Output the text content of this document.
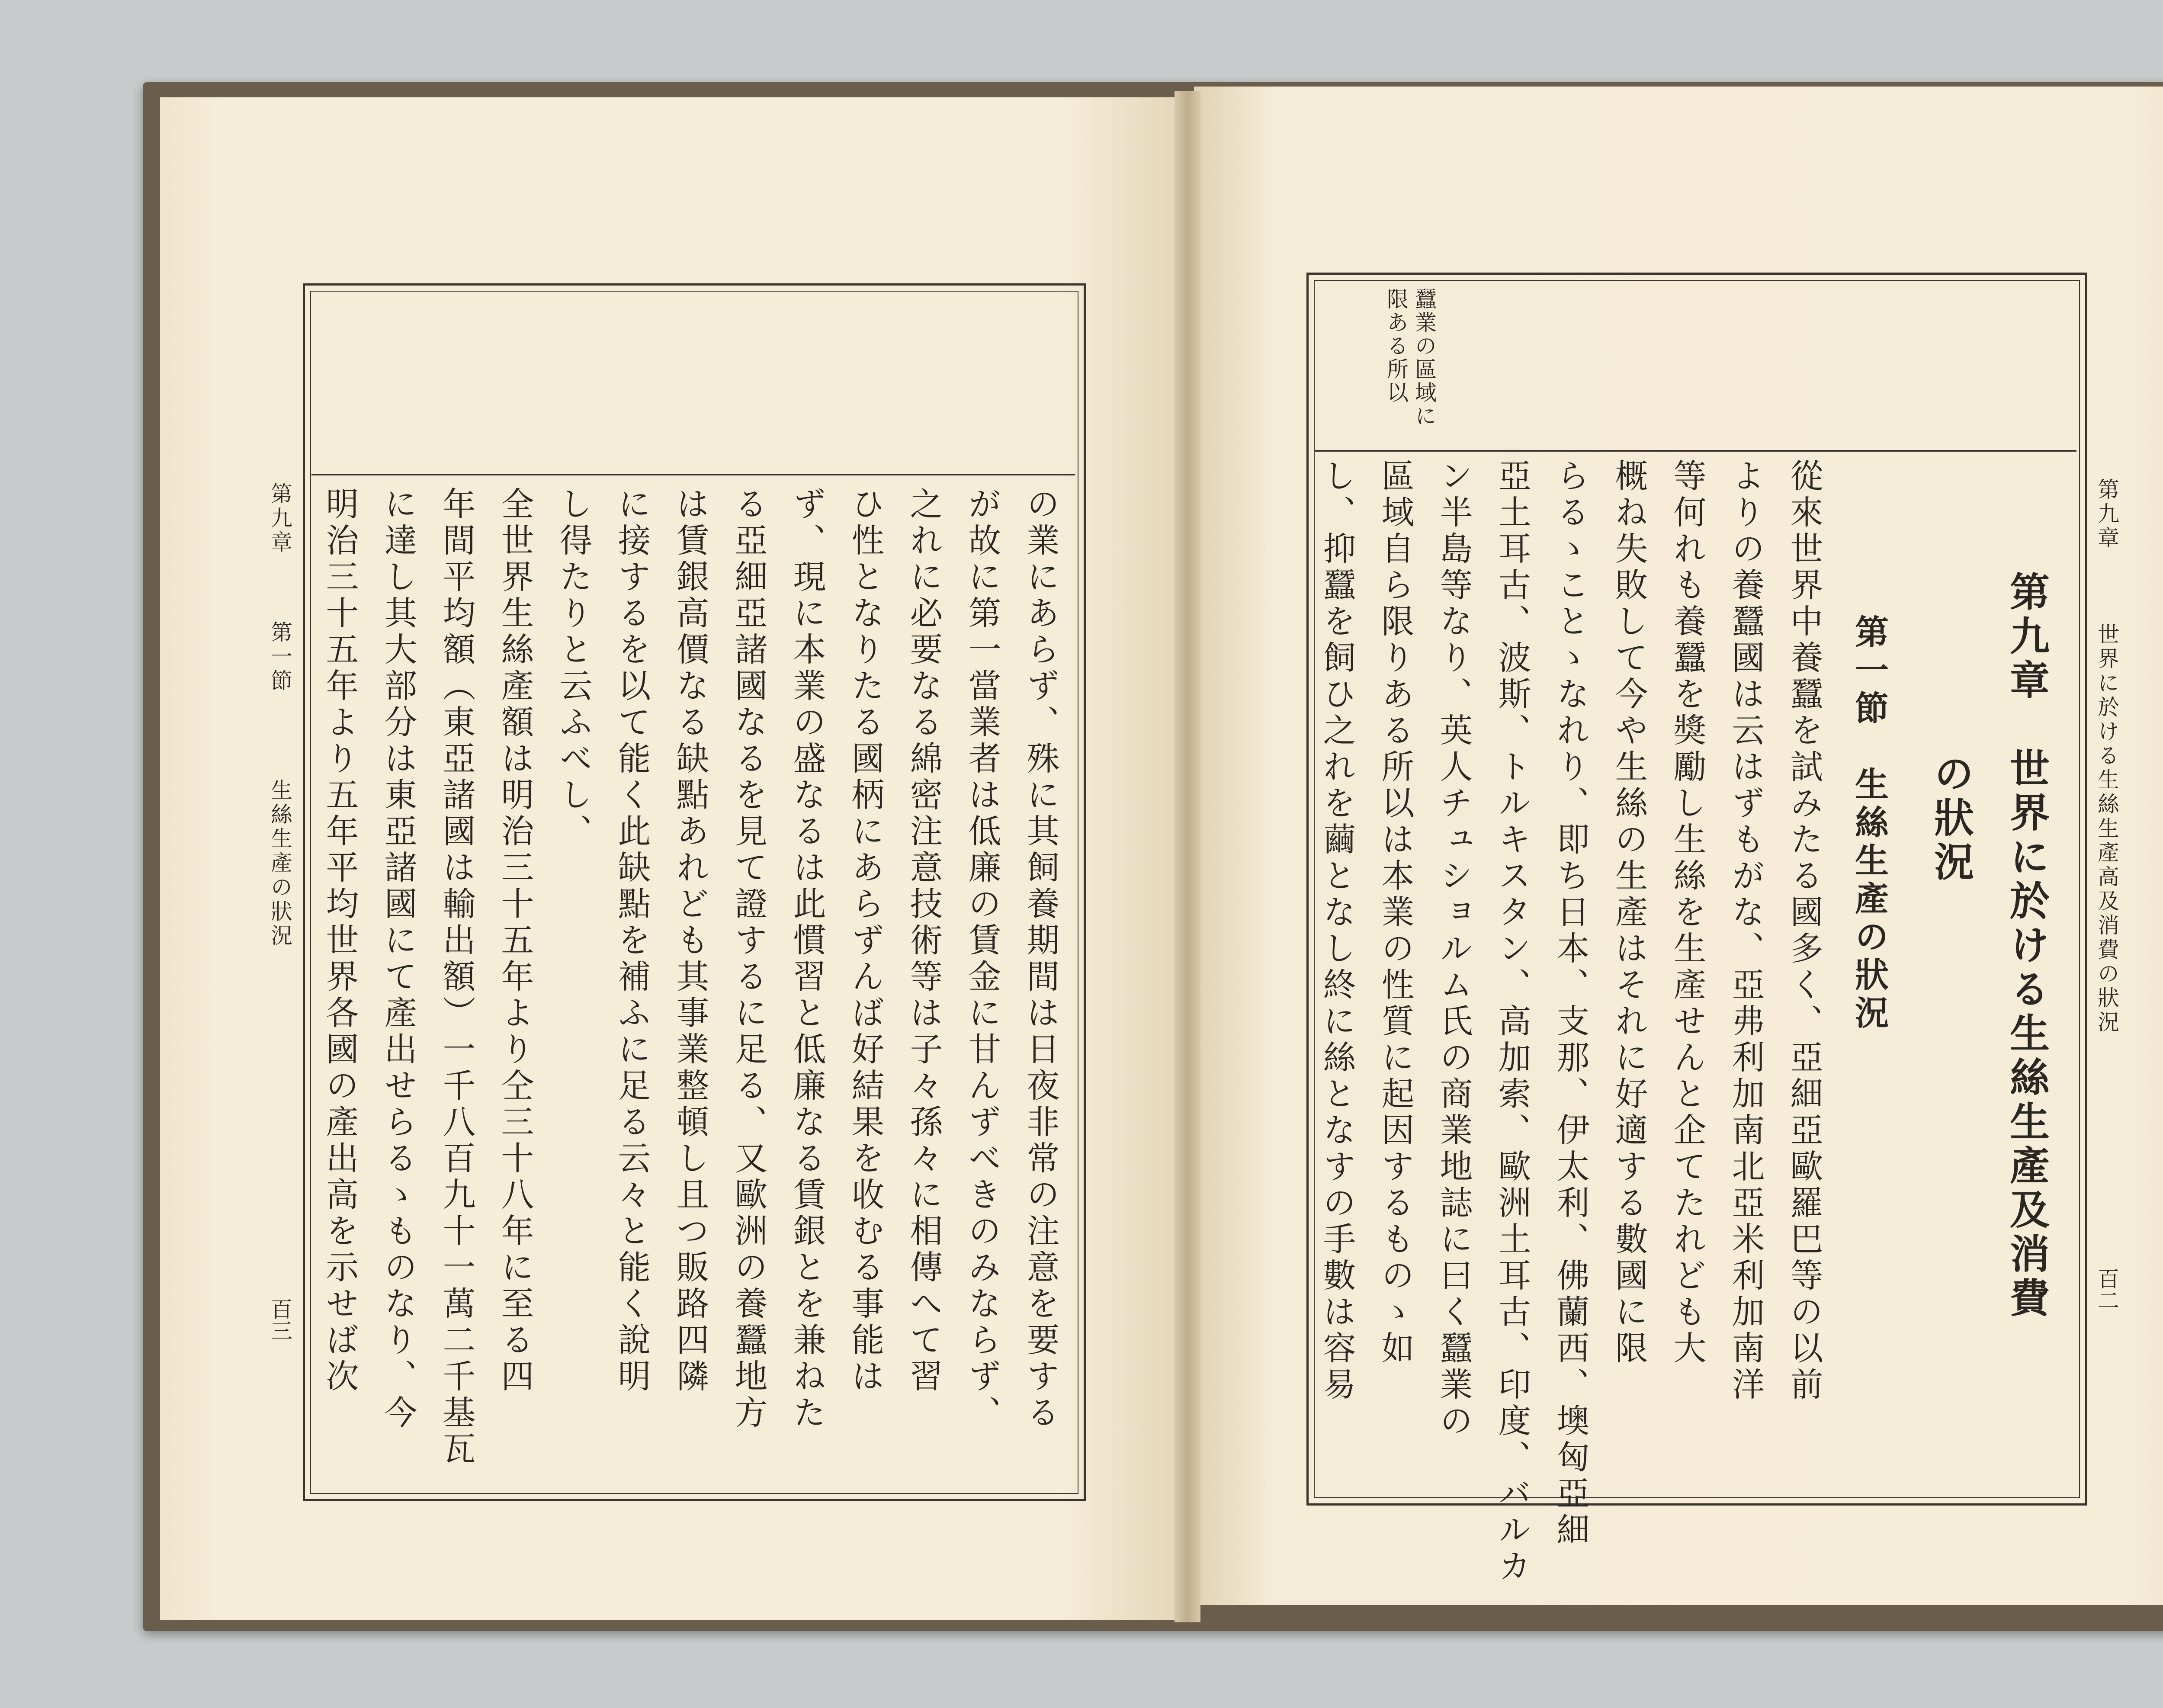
第九章
第一節
生絲生產の狀況
百三	の業にあらず、殊に其飼養期間は日夜非常の注意を要する
が故に第一當業者は低廉の賃金に甘んずべきのみならず、
之れに必要なる綿密注意技術等は子々孫々に相傳へて習
ひ性となりたる國柄にあらずんば好結果を收むる事能は
ず、現に本業の盛なるは此慣習と低廉なる賃銀とを兼ねた
る亞細亞諸國なるを見て證するに足る、又歐洲の養蠶地方
は賃銀高價なる缺點あれども其事業整頓し且つ販路四隣
に接するを以て能く此缺點を補ふに足る云々と能く說明
し得たりと云ふべし、
全世界生絲產額は明治三十五年より仝三十八年に至る四
年間平均額（東亞諸國は輸出額）一千八百九十一萬二千基瓦
に達し其大部分は東亞諸國にて產出せらるゝものなり、今
明治三十五年より五年平均世界各國の產出高を示せば次	第九章
世界に於ける生絲生產高及消費の狀況
百二
蠶業の區域に
限ある所以
第九章　世界に於ける生絲生產及消費
の狀況
第一節　生絲生產の狀況
從來世界中養蠶を試みたる國多く、亞細亞歐羅巴等の以前
よりの養蠶國は云はずもがな、亞弗利加南北亞米利加南洋
等何れも養蠶を獎勵し生絲を生產せんと企てたれども大
概ね失敗して今や生絲の生產はそれに好適する數國に限
らるゝことゝなれり、即ち日本、支那、伊太利、佛蘭西、墺匈亞細
亞土耳古、波斯、トルキスタン、高加索、歐洲土耳古、印度、バルカ
ン半島等なり、英人チュショルム氏の商業地誌に曰く蠶業の
區域自ら限りある所以は本業の性質に起因するものゝ如
し、抑蠶を飼ひ之れを繭となし終に絲となすの手數は容易
